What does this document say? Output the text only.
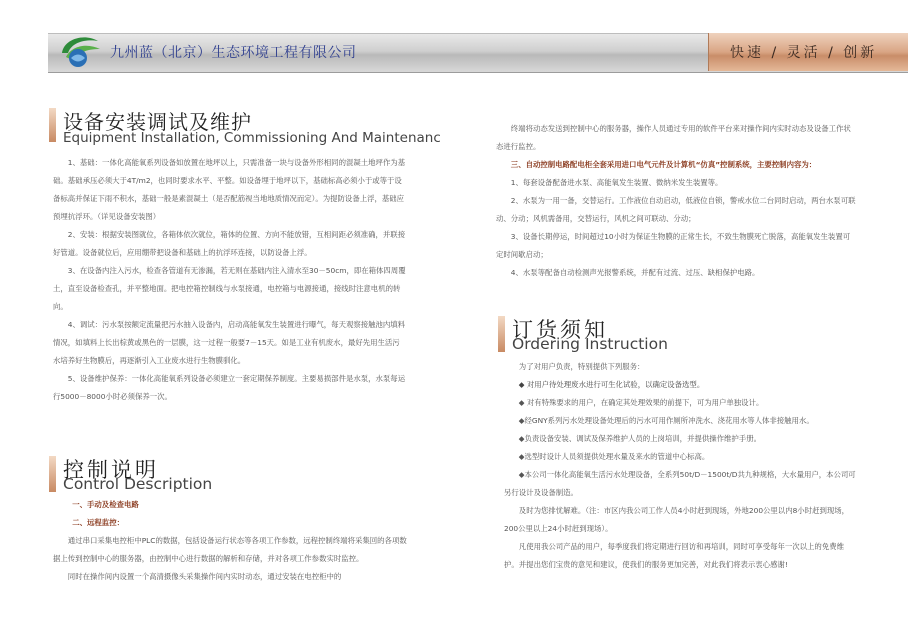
九州蓝（北京）生态环境工程有限公司	快速 / 灵活 / 创新
设备安装调试及维护
Equipment Installation, Commissioning And Maintenanc

1、基础：一体化高能氧系列设备如放置在地坪以上，只需准备一块与设备外形相同的混凝土地坪作为基础。基础承压必须大于4T/m2，也同时要求水平、平整。如设备埋于地坪以下，基础标高必须小于或等于设备标高并保证下雨不积水，基础一般是素混凝土（是否配筋视当地地质情况而定）。为提防设备上浮，基础应预埋抗浮环。（详见设备安装图）

2、安装：根据安装图就位，各箱体依次就位，箱体的位置、方向不能放错，互相间距必须准确，并联接好管道。设备就位后，应用绷带把设备和基础上的抗浮环连接，以防设备上浮。

3、在设备内注入污水，检查各管道有无渗漏，若无则在基础内注入清水至30－50cm，即在箱体四周覆土，直至设备检查孔，并平整地面。把电控箱控制线与水泵接通，电控箱与电源接通，接线时注意电机的转向。

4、调试：污水泵按额定流量把污水抽入设备内，启动高能氧发生装置进行曝气，每天观察接触池内填料情况，如填料上长出棕黄或黑色的一层膜，这一过程一般要7－15天。如是工业有机废水，最好先用生活污水培养好生物膜后，再逐渐引入工业废水进行生物膜驯化。

5、设备维护保养：一体化高能氧系列设备必须建立一套定期保养制度。主要易损部件是水泵，水泵每运行5000－8000小时必须保养一次。

控制说明
Control Description

一、手动及检查电路

二、远程监控：

通过串口采集电控柜中PLC的数据，包括设备运行状态等各项工作参数，远程控制终端将采集回的各项数据上传到控制中心的服务器，由控制中心进行数据的解析和存储，并对各项工作参数实时监控。

同时在操作间内设置一个高清摄像头采集操作间内实时动态，通过安装在电控柜中的

终端将动态发送到控制中心的服务器，操作人员通过专用的软件平台来对操作间内实时动态及设备工作状态进行监控。

三、自动控制电路配电柜全套采用进口电气元件及计算机“仿真”控制系统，主要控制内容为：

1、每套设备配备进水泵、高能氧发生装置、微纳米发生装置等。

2、水泵为一用一备，交替运行。工作液位自动启动，低液位自锁，警戒水位二台同时启动，两台水泵可联动、分动；风机需备用，交替运行，风机之间可联动、分动；

3、设备长期停运，时间超过10小时为保证生物膜的正常生长，不致生物膜死亡脱落，高能氧发生装置可定时间歇启动；

4、水泵等配备自动检测声光报警系统，并配有过流、过压、缺相保护电路。

订货须知
Ordering Instruction

为了对用户负责，特别提供下列服务：

◆ 对用户待处理废水进行可生化试验，以确定设备选型。

◆ 对有特殊要求的用户，在确定其处理效果的前提下，可为用户单独设计。

◆经GNY系列污水处理设备处理后的污水可用作厕所冲洗水、浇花用水等人体非接触用水。

◆负责设备安装、调试及保养维护人员的上岗培训，并提供操作维护手册。

◆选型时设计人员须提供处理水量及来水的管道中心标高。

◆本公司一体化高能氧生活污水处理设备，全系列50t/D－1500t/D共九种规格，大水量用户，本公司可另行设计及设备制造。

及时为您排忧解难。（注：市区内我公司工作人员4小时赶到现场，外地200公里以内8小时赶到现场，200公里以上24小时赶到现场）。

凡使用我公司产品的用户，每季度我们将定期进行回访和再培训，同时可享受每年一次以上的免费维护。并提出您们宝贵的意见和建议，使我们的服务更加完善，对此我们将表示衷心感谢!
